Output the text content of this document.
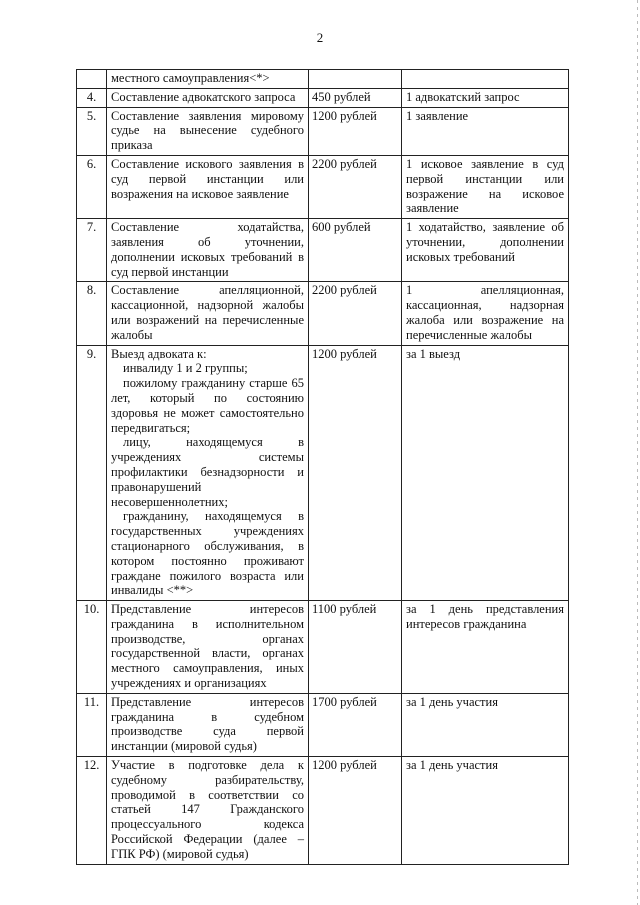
2
	местного самоуправления<*>		
4.	Составление адвокатского запроса	450 рублей	1 адвокатский запрос
5.	Составление заявления мировому судье на вынесение судебного приказа	1200 рублей	1 заявление
6.	Составление искового заявления в суд первой инстанции или возражения на исковое заявление	2200 рублей	1 исковое заявление в суд первой инстанции или возражение на исковое заявление
7.	Составление ходатайства, заявления об уточнении, дополнении исковых требований в суд первой инстанции	600 рублей	1 ходатайство, заявление об уточнении, дополнении исковых требований
8.	Составление апелляционной, кассационной, надзорной жалобы или возражений на перечисленные жалобы	2200 рублей	1 апелляционная, кассационная, надзорная жалоба или возражение на перечисленные жалобы
9.	Выезд адвоката к:
инвалиду 1 и 2 группы;
пожилому гражданину старше 65 лет, который по состоянию здоровья не может самостоятельно передвигаться;
лицу, находящемуся в учреждениях системы профилактики безнадзорности и правонарушений несовершеннолетних;
гражданину, находящемуся в государственных учреждениях стационарного обслуживания, в котором постоянно проживают граждане пожилого возраста или инвалиды <**>	1200 рублей	за 1 выезд
10.	Представление интересов гражданина в исполнительном производстве, органах государственной власти, органах местного самоуправления, иных учреждениях и организациях	1100 рублей	за 1 день представления интересов гражданина
11.	Представление интересов гражданина в судебном производстве суда первой инстанции (мировой судья)	1700 рублей	за 1 день участия
12.	Участие в подготовке дела к судебному разбирательству, проводимой в соответствии со статьей 147 Гражданского процессуального кодекса Российской Федерации (далее – ГПК РФ) (мировой судья)	1200 рублей	за 1 день участия
